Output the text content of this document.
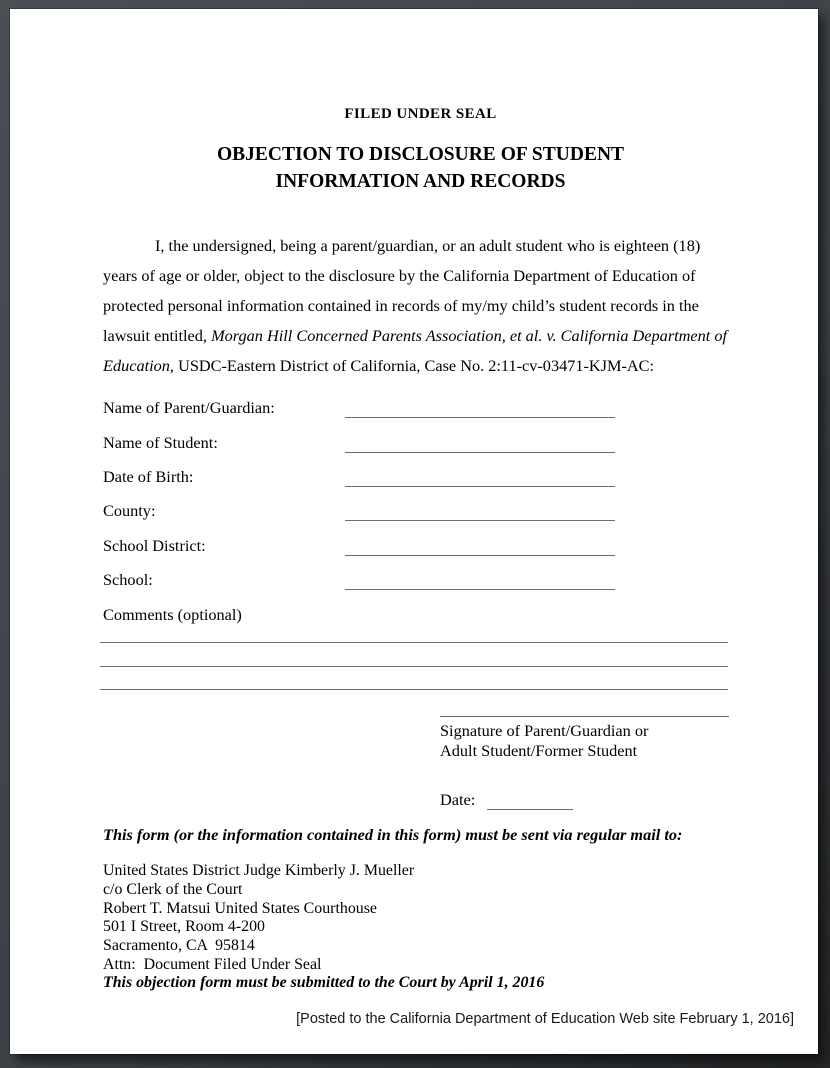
FILED UNDER SEAL
OBJECTION TO DISCLOSURE OF STUDENT
INFORMATION AND RECORDS

I, the undersigned, being a parent/guardian, or an adult student who is eighteen (18) years of age or older, object to the disclosure by the California Department of Education of protected personal information contained in records of my/my child’s student records in the lawsuit entitled, Morgan Hill Concerned Parents Association, et al. v. California Department of Education, USDC-Eastern District of California, Case No. 2:11-cv-03471-KJM-AC:

Name of Parent/Guardian:
Name of Student:
Date of Birth:
County:
School District:
School:
Comments (optional)
Signature of Parent/Guardian or
Adult Student/Former Student
Date:
This form (or the information contained in this form) must be sent via regular mail to:
United States District Judge Kimberly J. Mueller
c/o Clerk of the Court
Robert T. Matsui United States Courthouse
501 I Street, Room 4-200
Sacramento, CA  95814
Attn:  Document Filed Under Seal
This objection form must be submitted to the Court by April 1, 2016
[Posted to the California Department of Education Web site February 1, 2016]
